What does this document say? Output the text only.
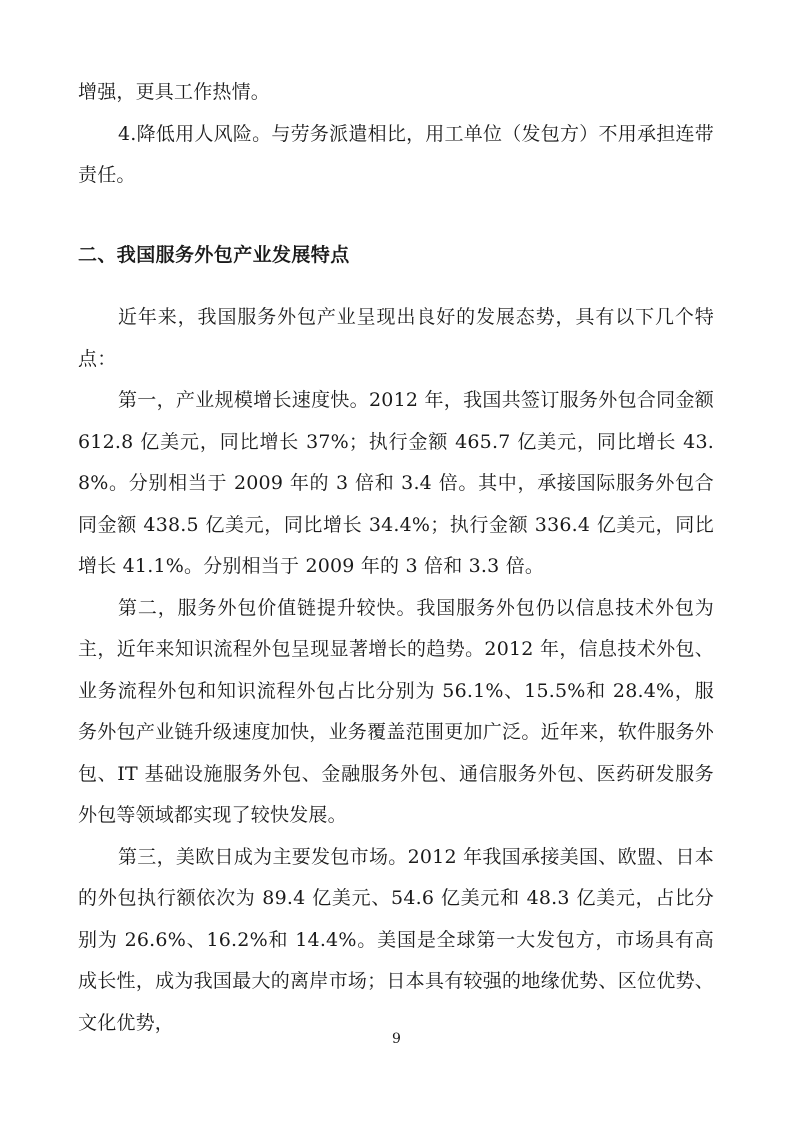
增强，更具工作热情。

4.降低用人风险。与劳务派遣相比，用工单位（发包方）不用承担连带责任。

二、我国服务外包产业发展特点

近年来，我国服务外包产业呈现出良好的发展态势，具有以下几个特点：

第一，产业规模增长速度快。2012 年，我国共签订服务外包合同金额 612.8 亿美元，同比增长 37%；执行金额 465.7 亿美元，同比增长 43.8%。分别相当于 2009 年的 3 倍和 3.4 倍。其中，承接国际服务外包合同金额 438.5 亿美元，同比增长 34.4%；执行金额 336.4 亿美元，同比增长 41.1%。分别相当于 2009 年的 3 倍和 3.3 倍。

第二，服务外包价值链提升较快。我国服务外包仍以信息技术外包为主，近年来知识流程外包呈现显著增长的趋势。2012 年，信息技术外包、业务流程外包和知识流程外包占比分别为 56.1%、15.5%和 28.4%，服务外包产业链升级速度加快，业务覆盖范围更加广泛。近年来，软件服务外包、IT 基础设施服务外包、金融服务外包、通信服务外包、医药研发服务外包等领域都实现了较快发展。

第三，美欧日成为主要发包市场。2012 年我国承接美国、欧盟、日本的外包执行额依次为 89.4 亿美元、54.6 亿美元和 48.3 亿美元，占比分别为 26.6%、16.2%和 14.4%。美国是全球第一大发包方，市场具有高成长性，成为我国最大的离岸市场；日本具有较强的地缘优势、区位优势、文化优势，

9
